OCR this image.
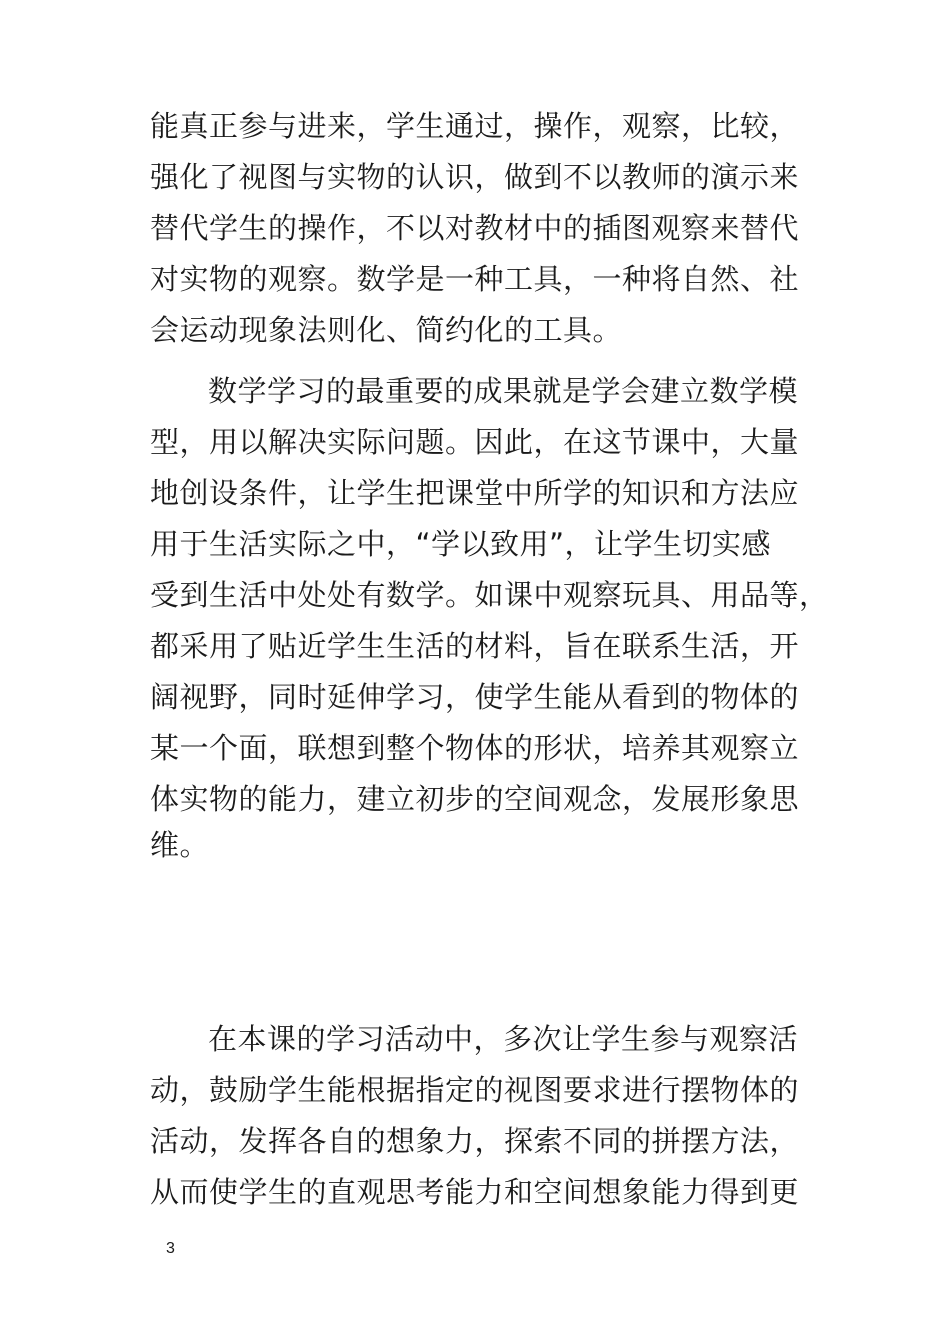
能真正参与进来，学生通过，操作，观察，比较，
强化了视图与实物的认识，做到不以教师的演示来
替代学生的操作，不以对教材中的插图观察来替代
对实物的观察。数学是一种工具，一种将自然、社
会运动现象法则化、简约化的工具。
数学学习的最重要的成果就是学会建立数学模
型，用以解决实际问题。因此，在这节课中，大量
地创设条件，让学生把课堂中所学的知识和方法应
用于生活实际之中，“学以致用”，让学生切实感
受到生活中处处有数学。如课中观察玩具、用品等，
都采用了贴近学生生活的材料，旨在联系生活，开
阔视野，同时延伸学习，使学生能从看到的物体的
某一个面，联想到整个物体的形状，培养其观察立
体实物的能力，建立初步的空间观念，发展形象思
维。
在本课的学习活动中，多次让学生参与观察活
动，鼓励学生能根据指定的视图要求进行摆物体的
活动，发挥各自的想象力，探索不同的拼摆方法，
从而使学生的直观思考能力和空间想象能力得到更
3
